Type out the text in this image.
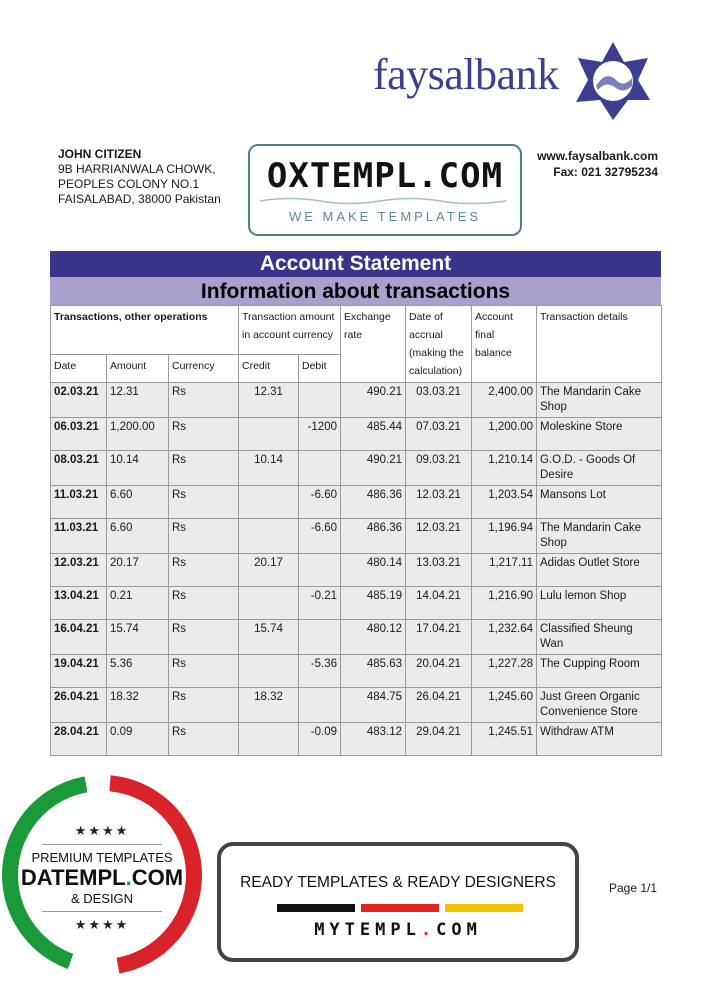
faysalbank
JOHN CITIZEN
9B HARRIANWALA CHOWK,
PEOPLES COLONY NO.1
FAISALABAD, 38000 Pakistan
OXTEMPL.COM
WE MAKE TEMPLATES
www.faysalbank.com
Fax: 021 32795234
Account Statement
Information about transactions
Transactions, other operations			Transaction amount in account currency		Exchange rate	Date of accrual (making the calculation)	Account final balance	Transaction details
Date	Amount	Currency	Credit	Debit				
02.03.21	12.31	Rs	12.31		490.21	03.03.21	2,400.00	The Mandarin Cake Shop
06.03.21	1,200.00	Rs		-1200	485.44	07.03.21	1,200.00	Moleskine Store
08.03.21	10.14	Rs	10.14		490.21	09.03.21	1,210.14	G.O.D. - Goods Of Desire
11.03.21	6.60	Rs		-6.60	486.36	12.03.21	1,203.54	Mansons Lot
11.03.21	6.60	Rs		-6.60	486.36	12.03.21	1,196.94	The Mandarin Cake Shop
12.03.21	20.17	Rs	20.17		480.14	13.03.21	1,217.11	Adidas Outlet Store
13.04.21	0.21	Rs		-0.21	485.19	14.04.21	1,216.90	Lulu lemon Shop
16.04.21	15.74	Rs	15.74		480.12	17.04.21	1,232.64	Classified Sheung Wan
19.04.21	5.36	Rs		-5.36	485.63	20.04.21	1,227.28	The Cupping Room
26.04.21	18.32	Rs	18.32		484.75	26.04.21	1,245.60	Just Green Organic Convenience Store
28.04.21	0.09	Rs		-0.09	483.12	29.04.21	1,245.51	Withdraw ATM
★★★★
PREMIUM TEMPLATES
DATEMPL.COM
& DESIGN
★★★★
READY TEMPLATES & READY DESIGNERS
MYTEMPL.COM
Page 1/1
